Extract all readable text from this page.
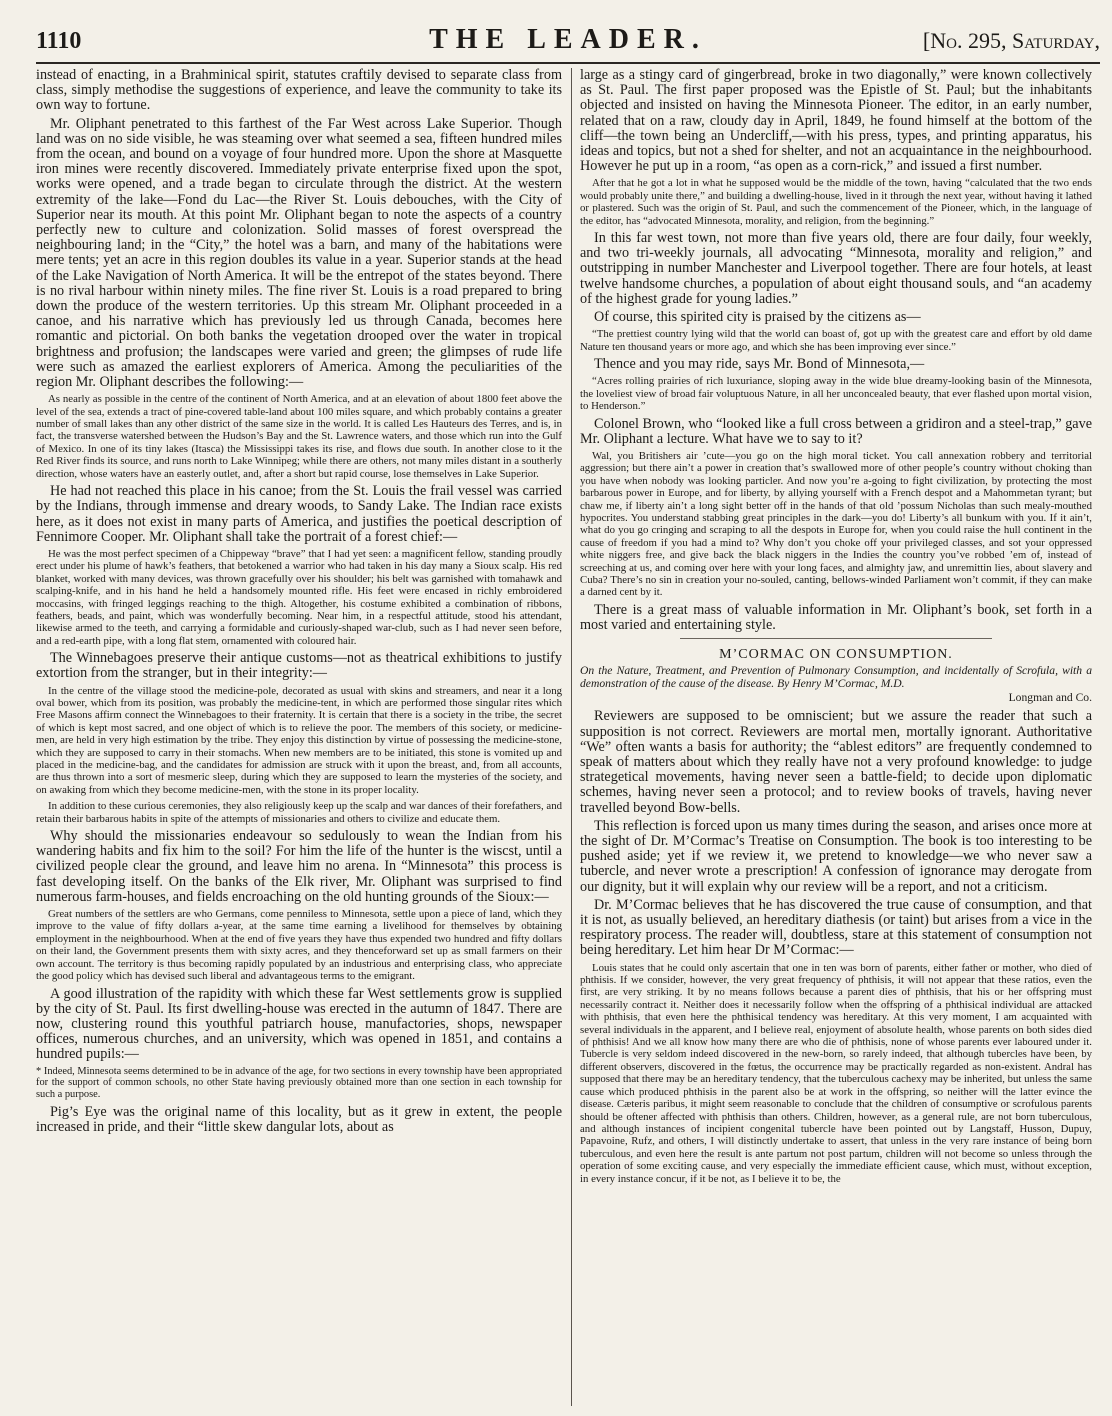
1110	THE LEADER.	[No. 295, Saturday,

instead of enacting, in a Brahminical spirit, statutes craftily devised to separate class from class, simply methodise the suggestions of experience, and leave the community to take its own way to fortune.

Mr. Oliphant penetrated to this farthest of the Far West across Lake Superior. Though land was on no side visible, he was steaming over what seemed a sea, fifteen hundred miles from the ocean, and bound on a voyage of four hundred more. Upon the shore at Masquette iron mines were recently discovered. Immediately private enterprise fixed upon the spot, works were opened, and a trade began to circulate through the district. At the western extremity of the lake—Fond du Lac—the River St. Louis debouches, with the City of Superior near its mouth. At this point Mr. Oliphant began to note the aspects of a country perfectly new to culture and colonization. Solid masses of forest overspread the neighbouring land; in the “City,” the hotel was a barn, and many of the habitations were mere tents; yet an acre in this region doubles its value in a year. Superior stands at the head of the Lake Navigation of North America. It will be the entrepot of the states beyond. There is no rival harbour within ninety miles. The fine river St. Louis is a road prepared to bring down the produce of the western territories. Up this stream Mr. Oliphant proceeded in a canoe, and his narrative which has previously led us through Canada, becomes here romantic and pictorial. On both banks the vegetation drooped over the water in tropical brightness and profusion; the landscapes were varied and green; the glimpses of rude life were such as amazed the earliest explorers of America. Among the peculiarities of the region Mr. Oliphant describes the following:—

As nearly as possible in the centre of the continent of North America, and at an elevation of about 1800 feet above the level of the sea, extends a tract of pine-covered table-land about 100 miles square, and which probably contains a greater number of small lakes than any other district of the same size in the world. It is called Les Hauteurs des Terres, and is, in fact, the transverse watershed between the Hudson’s Bay and the St. Lawrence waters, and those which run into the Gulf of Mexico. In one of its tiny lakes (Itasca) the Mississippi takes its rise, and flows due south. In another close to it the Red River finds its source, and runs north to Lake Winnipeg; while there are others, not many miles distant in a southerly direction, whose waters have an easterly outlet, and, after a short but rapid course, lose themselves in Lake Superior.

He had not reached this place in his canoe; from the St. Louis the frail vessel was carried by the Indians, through immense and dreary woods, to Sandy Lake. The Indian race exists here, as it does not exist in many parts of America, and justifies the poetical description of Fennimore Cooper. Mr. Oliphant shall take the portrait of a forest chief:—

He was the most perfect specimen of a Chippeway “brave” that I had yet seen: a magnificent fellow, standing proudly erect under his plume of hawk’s feathers, that betokened a warrior who had taken in his day many a Sioux scalp. His red blanket, worked with many devices, was thrown gracefully over his shoulder; his belt was garnished with tomahawk and scalping-knife, and in his hand he held a handsomely mounted rifle. His feet were encased in richly embroidered moccasins, with fringed leggings reaching to the thigh. Altogether, his costume exhibited a combination of ribbons, feathers, beads, and paint, which was wonderfully becoming. Near him, in a respectful attitude, stood his attendant, likewise armed to the teeth, and carrying a formidable and curiously-shaped war-club, such as I had never seen before, and a red-earth pipe, with a long flat stem, ornamented with coloured hair.

The Winnebagoes preserve their antique customs—not as theatrical exhibitions to justify extortion from the stranger, but in their integrity:—

In the centre of the village stood the medicine-pole, decorated as usual with skins and streamers, and near it a long oval bower, which from its position, was probably the medicine-tent, in which are performed those singular rites which Free Masons affirm connect the Winnebagoes to their fraternity. It is certain that there is a society in the tribe, the secret of which is kept most sacred, and one object of which is to relieve the poor. The members of this society, or medicine-men, are held in very high estimation by the tribe. They enjoy this distinction by virtue of possessing the medicine-stone, which they are supposed to carry in their stomachs. When new members are to be initiated, this stone is vomited up and placed in the medicine-bag, and the candidates for admission are struck with it upon the breast, and, from all accounts, are thus thrown into a sort of mesmeric sleep, during which they are supposed to learn the mysteries of the society, and on awaking from which they become medicine-men, with the stone in its proper locality.

In addition to these curious ceremonies, they also religiously keep up the scalp and war dances of their forefathers, and retain their barbarous habits in spite of the attempts of missionaries and others to civilize and educate them.

Why should the missionaries endeavour so sedulously to wean the Indian from his wandering habits and fix him to the soil? For him the life of the hunter is the wiscst, until a civilized people clear the ground, and leave him no arena. In “Minnesota” this process is fast developing itself. On the banks of the Elk river, Mr. Oliphant was surprised to find numerous farm-houses, and fields encroaching on the old hunting grounds of the Sioux:—

Great numbers of the settlers are who Germans, come penniless to Minnesota, settle upon a piece of land, which they improve to the value of fifty dollars a-year, at the same time earning a livelihood for themselves by obtaining employment in the neighbourhood. When at the end of five years they have thus expended two hundred and fifty dollars on their land, the Government presents them with sixty acres, and they thenceforward set up as small farmers on their own account. The territory is thus becoming rapidly populated by an industrious and enterprising class, who appreciate the good policy which has devised such liberal and advantageous terms to the emigrant.

A good illustration of the rapidity with which these far West settlements grow is supplied by the city of St. Paul. Its first dwelling-house was erected in the autumn of 1847. There are now, clustering round this youthful patriarch house, manufactories, shops, newspaper offices, numerous churches, and an university, which was opened in 1851, and contains a hundred pupils:—

* Indeed, Minnesota seems determined to be in advance of the age, for two sections in every township have been appropriated for the support of common schools, no other State having previously obtained more than one section in each township for such a purpose.

Pig’s Eye was the original name of this locality, but as it grew in extent, the people increased in pride, and their “little skew dangular lots, about as

large as a stingy card of gingerbread, broke in two diagonally,” were known collectively as St. Paul. The first paper proposed was the Epistle of St. Paul; but the inhabitants objected and insisted on having the Minnesota Pioneer. The editor, in an early number, related that on a raw, cloudy day in April, 1849, he found himself at the bottom of the cliff—the town being an Undercliff,—with his press, types, and printing apparatus, his ideas and topics, but not a shed for shelter, and not an acquaintance in the neighbourhood. However he put up in a room, “as open as a corn-rick,” and issued a first number.

After that he got a lot in what he supposed would be the middle of the town, having “calculated that the two ends would probably unite there,” and building a dwelling-house, lived in it through the next year, without having it lathed or plastered. Such was the origin of St. Paul, and such the commencement of the Pioneer, which, in the language of the editor, has “advocated Minnesota, morality, and religion, from the beginning.”

In this far west town, not more than five years old, there are four daily, four weekly, and two tri-weekly journals, all advocating “Minnesota, morality and religion,” and outstripping in number Manchester and Liverpool together. There are four hotels, at least twelve handsome churches, a population of about eight thousand souls, and “an academy of the highest grade for young ladies.”

Of course, this spirited city is praised by the citizens as—

“The prettiest country lying wild that the world can boast of, got up with the greatest care and effort by old dame Nature ten thousand years or more ago, and which she has been improving ever since.”

Thence and you may ride, says Mr. Bond of Minnesota,—

“Acres rolling prairies of rich luxuriance, sloping away in the wide blue dreamy-looking basin of the Minnesota, the loveliest view of broad fair voluptuous Nature, in all her unconcealed beauty, that ever flashed upon mortal vision, to Henderson.”

Colonel Brown, who “looked like a full cross between a gridiron and a steel-trap,” gave Mr. Oliphant a lecture. What have we to say to it?

Wal, you Britishers air ’cute—you go on the high moral ticket. You call annexation robbery and territorial aggression; but there ain’t a power in creation that’s swallowed more of other people’s country without choking than you have when nobody was looking particler. And now you’re a-going to fight civilization, by protecting the most barbarous power in Europe, and for liberty, by allying yourself with a French despot and a Mahommetan tyrant; but chaw me, if liberty ain’t a long sight better off in the hands of that old ’possum Nicholas than such mealy-mouthed hypocrites. You understand stabbing great principles in the dark—you do! Liberty’s all bunkum with you. If it ain’t, what do you go cringing and scraping to all the despots in Europe for, when you could raise the hull continent in the cause of freedom if you had a mind to? Why don’t you choke off your privileged classes, and sot your oppressed white niggers free, and give back the black niggers in the Indies the country you’ve robbed ’em of, instead of screeching at us, and coming over here with your long faces, and almighty jaw, and unremittin lies, about slavery and Cuba? There’s no sin in creation your no-souled, canting, bellows-winded Parliament won’t commit, if they can make a darned cent by it.

There is a great mass of valuable information in Mr. Oliphant’s book, set forth in a most varied and entertaining style.

M’CORMAC ON CONSUMPTION.

On the Nature, Treatment, and Prevention of Pulmonary Consumption, and incidentally of Scrofula, with a demonstration of the cause of the disease. By Henry M’Cormac, M.D.

Longman and Co.

Reviewers are supposed to be omniscient; but we assure the reader that such a supposition is not correct. Reviewers are mortal men, mortally ignorant. Authoritative “We” often wants a basis for authority; the “ablest editors” are frequently condemned to speak of matters about which they really have not a very profound knowledge: to judge strategetical movements, having never seen a battle-field; to decide upon diplomatic schemes, having never seen a protocol; and to review books of travels, having never travelled beyond Bow-bells.

This reflection is forced upon us many times during the season, and arises once more at the sight of Dr. M’Cormac’s Treatise on Consumption. The book is too interesting to be pushed aside; yet if we review it, we pretend to knowledge—we who never saw a tubercle, and never wrote a prescription! A confession of ignorance may derogate from our dignity, but it will explain why our review will be a report, and not a criticism.

Dr. M’Cormac believes that he has discovered the true cause of consumption, and that it is not, as usually believed, an hereditary diathesis (or taint) but arises from a vice in the respiratory process. The reader will, doubtless, stare at this statement of consumption not being hereditary. Let him hear Dr M’Cormac:—

Louis states that he could only ascertain that one in ten was born of parents, either father or mother, who died of phthisis. If we consider, however, the very great frequency of phthisis, it will not appear that these ratios, even the first, are very striking. It by no means follows because a parent dies of phthisis, that his or her offspring must necessarily contract it. Neither does it necessarily follow when the offspring of a phthisical individual are attacked with phthisis, that even here the phthisical tendency was hereditary. At this very moment, I am acquainted with several individuals in the apparent, and I believe real, enjoyment of absolute health, whose parents on both sides died of phthisis! And we all know how many there are who die of phthisis, none of whose parents ever laboured under it. Tubercle is very seldom indeed discovered in the new-born, so rarely indeed, that although tubercles have been, by different observers, discovered in the fœtus, the occurrence may be practically regarded as non-existent. Andral has supposed that there may be an hereditary tendency, that the tuberculous cachexy may be inherited, but unless the same cause which produced phthisis in the parent also be at work in the offspring, so neither will the latter evince the disease. Cæteris paribus, it might seem reasonable to conclude that the children of consumptive or scrofulous parents should be oftener affected with phthisis than others. Children, however, as a general rule, are not born tuberculous, and although instances of incipient congenital tubercle have been pointed out by Langstaff, Husson, Dupuy, Papavoine, Rufz, and others, I will distinctly undertake to assert, that unless in the very rare instance of being born tuberculous, and even here the result is ante partum not post partum, children will not become so unless through the operation of some exciting cause, and very especially the immediate efficient cause, which must, without exception, in every instance concur, if it be not, as I believe it to be, the
